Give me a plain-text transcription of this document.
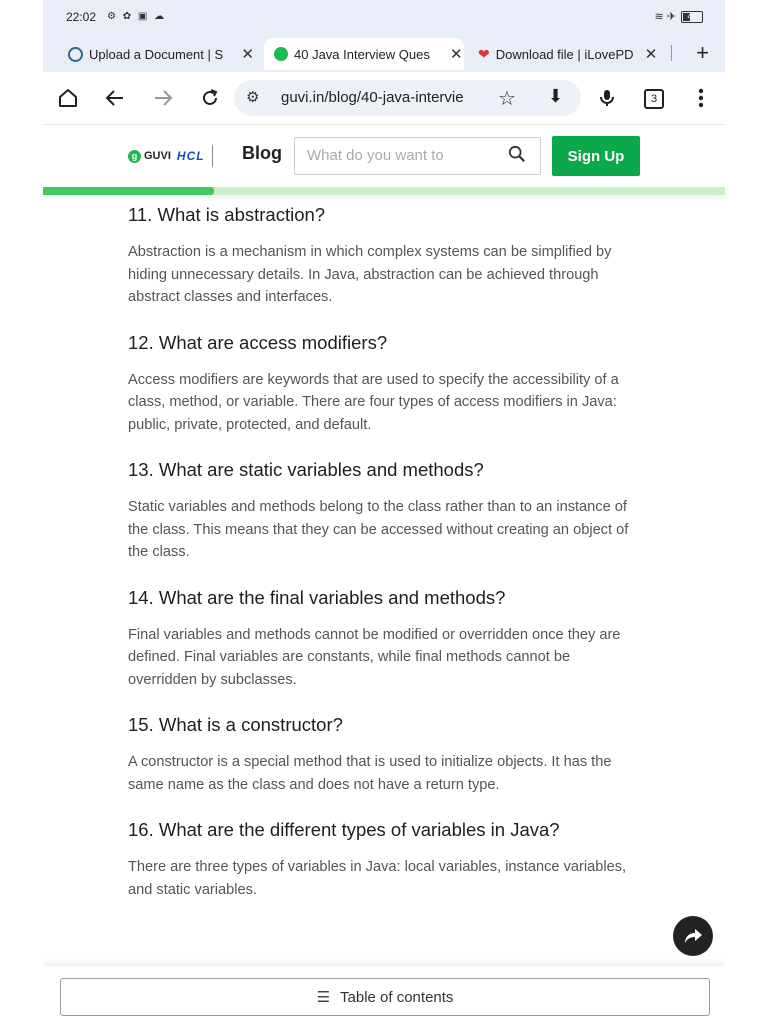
22:02 ⚙ ✿ ▣ ☁	≋ ✈	40
Upload a Document | S	✕	40 Java Interview Ques	✕ ❤ Download file | iLovePD ✕ +
⚙ guvi.in/blog/40-java-intervie	☆ ⬇	3
g GUVI HCL Blog What do you want to	Sign Up
11. What is abstraction?

Abstraction is a mechanism in which complex systems can be simplified by hiding unnecessary details. In Java, abstraction can be achieved through abstract classes and interfaces.

12. What are access modifiers?

Access modifiers are keywords that are used to specify the accessibility of a class, method, or variable. There are four types of access modifiers in Java: public, private, protected, and default.

13. What are static variables and methods?

Static variables and methods belong to the class rather than to an instance of the class. This means that they can be accessed without creating an object of the class.

14. What are the final variables and methods?

Final variables and methods cannot be modified or overridden once they are defined. Final variables are constants, while final methods cannot be overridden by subclasses.

15. What is a constructor?

A constructor is a special method that is used to initialize objects. It has the same name as the class and does not have a return type.

16. What are the different types of variables in Java?

There are three types of variables in Java: local variables, instance variables, and static variables.

☰ Table of contents
